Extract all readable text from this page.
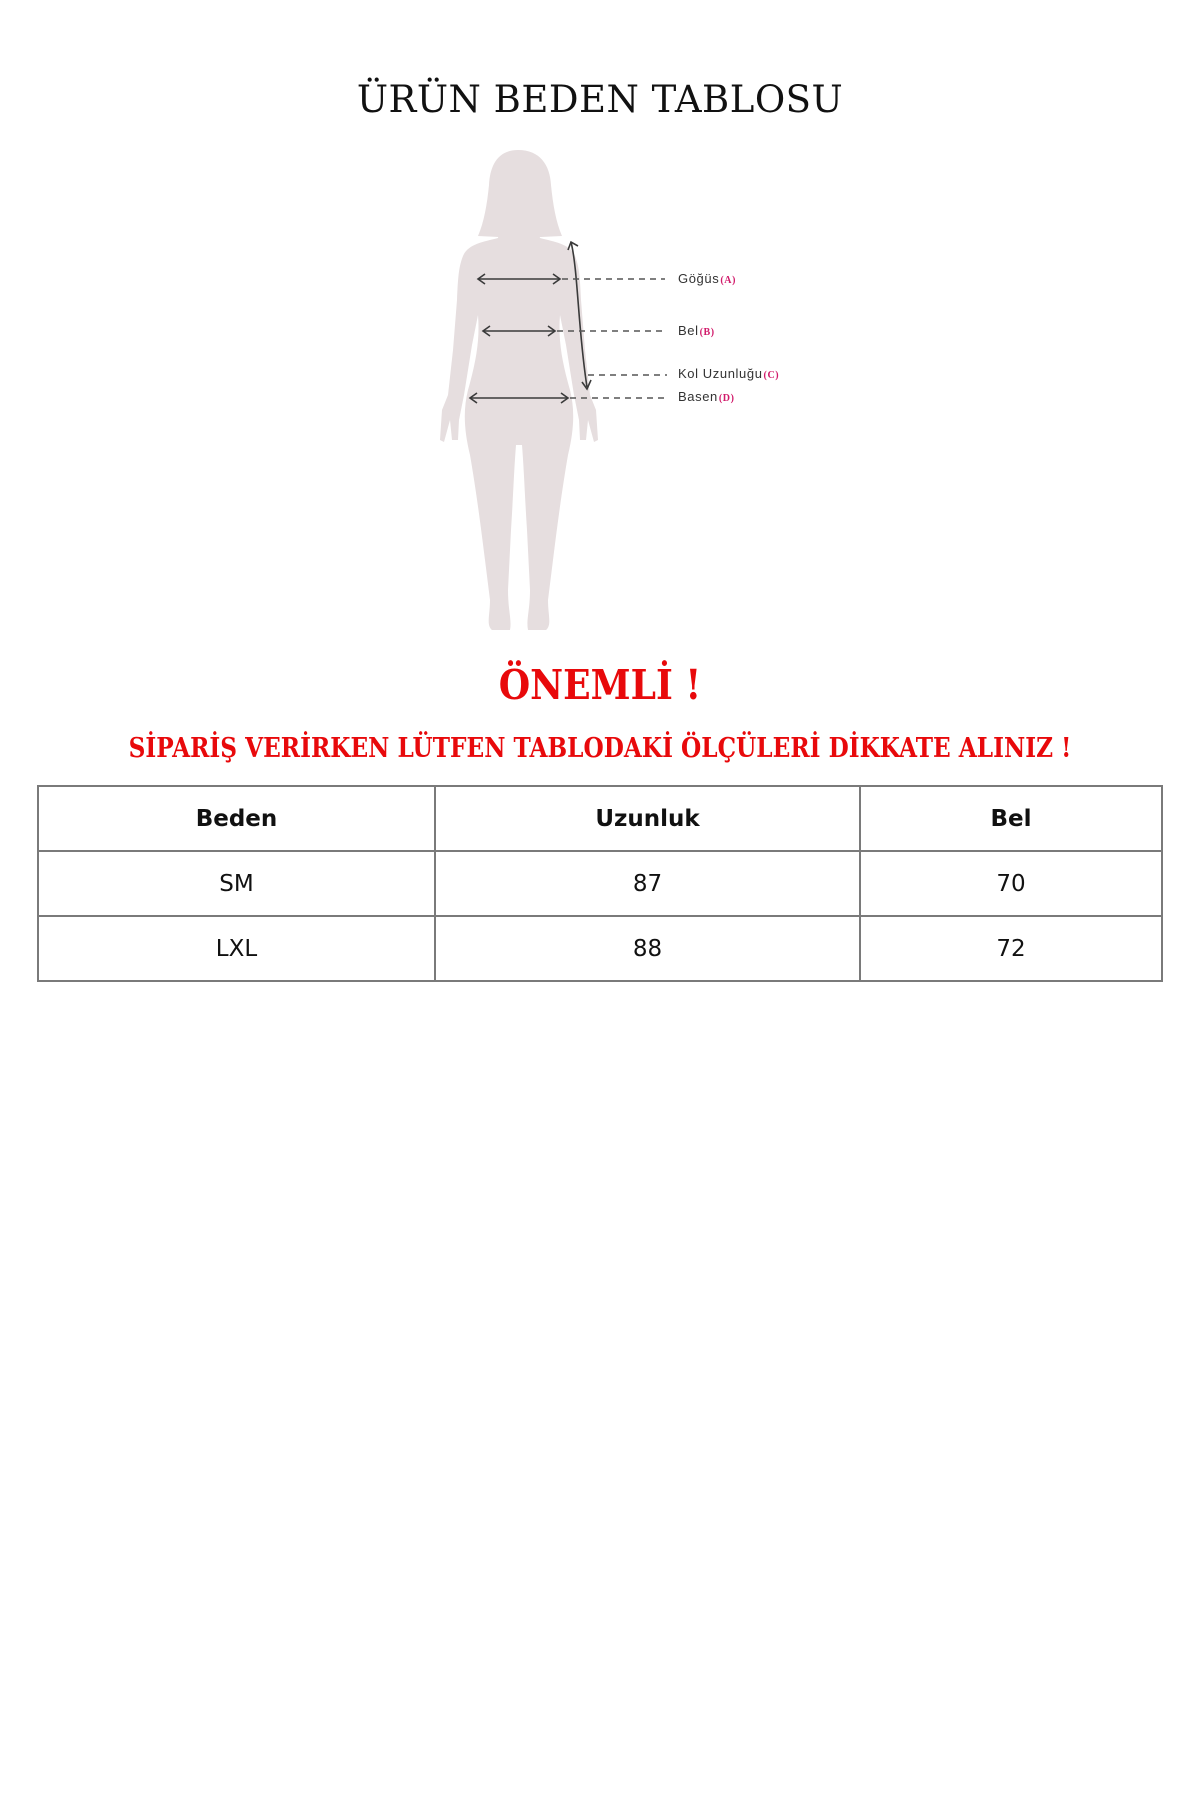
ÜRÜN BEDEN TABLOSU
Göğüs(A)
Bel(B)
Kol Uzunluğu(C)
Basen(D)
ÖNEMLİ !
SİPARİŞ VERİRKEN LÜTFEN TABLODAKİ ÖLÇÜLERİ DİKKATE ALINIZ !
Beden	Uzunluk	Bel
SM	87	70
LXL	88	72
